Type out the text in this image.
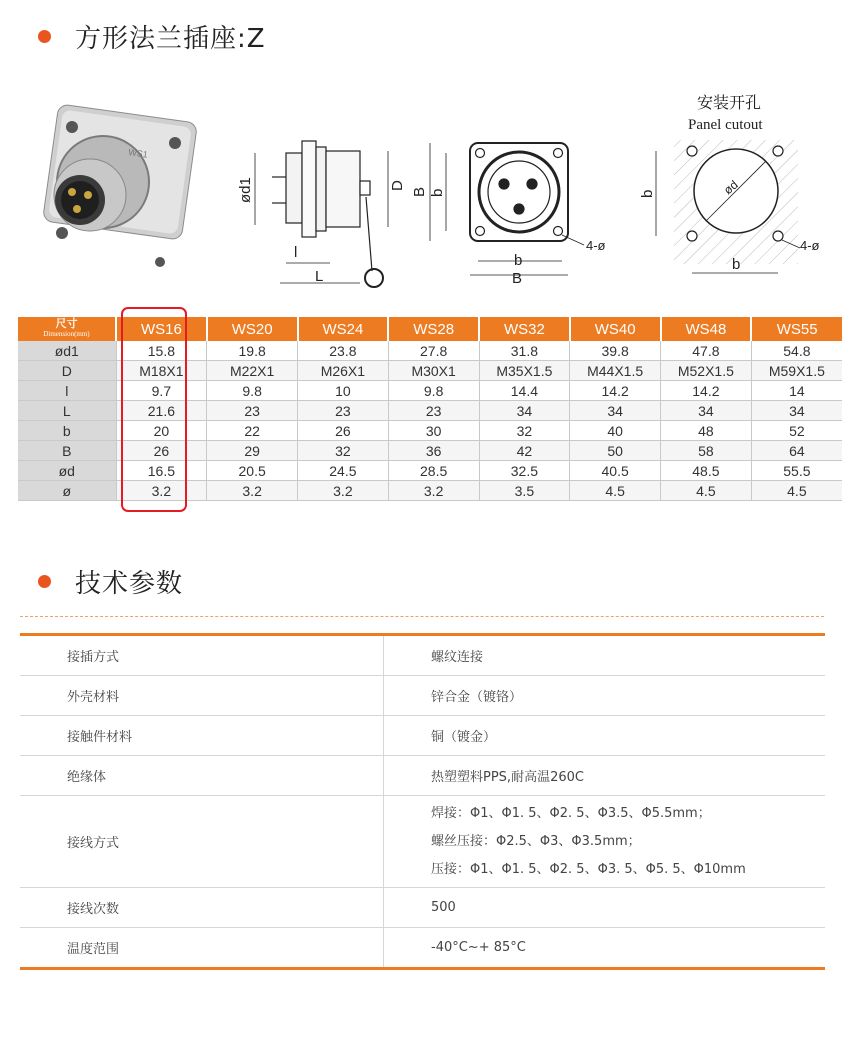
方形法兰插座:Z
WS1
ød1	D
l
L
B b
4-ø
b
B
安装开孔
Panel cutout
ød
b
b
4-ø
尺寸
Dimension(mm)	WS16	WS20	WS24	WS28	WS32	WS40	WS48	WS55
ød1	15.8	19.8	23.8	27.8	31.8	39.8	47.8	54.8
D	M18X1	M22X1	M26X1	M30X1	M35X1.5	M44X1.5	M52X1.5	M59X1.5
l	9.7	9.8	10	9.8	14.4	14.2	14.2	14
L	21.6	23	23	23	34	34	34	34
b	20	22	26	30	32	40	48	52
B	26	29	32	36	42	50	58	64
ød	16.5	20.5	24.5	28.5	32.5	40.5	48.5	55.5
ø	3.2	3.2	3.2	3.2	3.5	4.5	4.5	4.5
技术参数
接插方式	螺纹连接

外壳材料	锌合金（镀铬）

接触件材料	铜（镀金）

绝缘体	热塑塑料PPS,耐高温260C

接线方式	焊接：Φ1、Φ1. 5、Φ2. 5、Φ3.5、Φ5.5mm；
螺丝压接：Φ2.5、Φ3、Φ3.5mm；
压接：Φ1、Φ1. 5、Φ2. 5、Φ3. 5、Φ5. 5、Φ10mm

接线次数	500

温度范围	-40°C~+ 85°C
